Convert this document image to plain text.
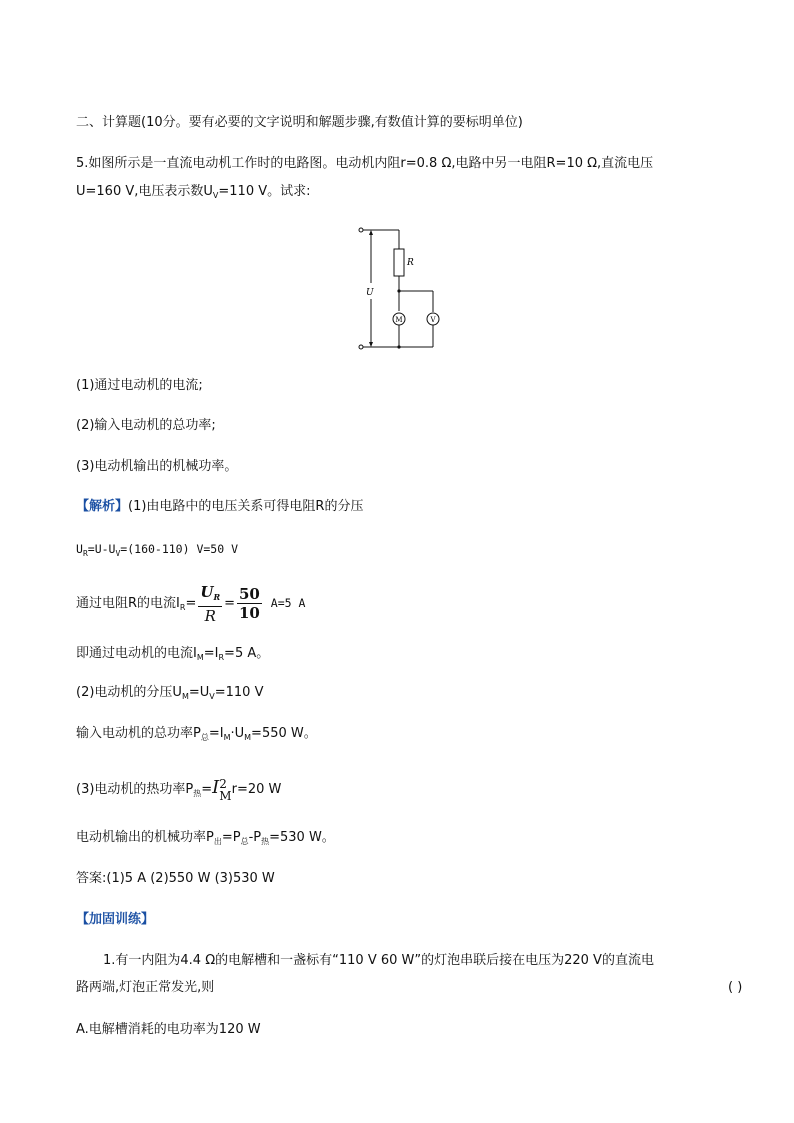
二、计算题(10分。要有必要的文字说明和解题步骤,有数值计算的要标明单位)
5.如图所示是一直流电动机工作时的电路图。电动机内阻r=0.8 Ω,电路中另一电阻R=10 Ω,直流电压
U=160 V,电压表示数$U_V=110$ V。试求:
R
U
M	V
(1)通过电动机的电流;
(2)输入电动机的总功率;
(3)电动机输出的机械功率。
【解析】(1)由电路中的电压关系可得电阻R的分压
$U_R=U-U_V=(160-110)$ V=50 V
通过电阻R的电流$I_R= \frac{U_R}{R} = \frac{50}{10} A=5$ A
即通过电动机的电流$I_M=I_R=5$ A。
(2)电动机的分压$U_M=U_V=110$ V
输入电动机的总功率$P_总=I_M\cdot U_M=550$ W。
(3)电动机的热功率$P_热=I$ 2
M r=20 W
电动机输出的机械功率$P_出=P_总-P_热=530$ W。
答案:(1)5 A (2)550 W (3)530 W
【加固训练】
1.有一内阻为4.4 Ω的电解槽和一盏标有“110 V 60 W”的灯泡串联后接在电压为220 V的直流电
路两端,灯泡正常发光,则	( )
A.电解槽消耗的电功率为120 W
